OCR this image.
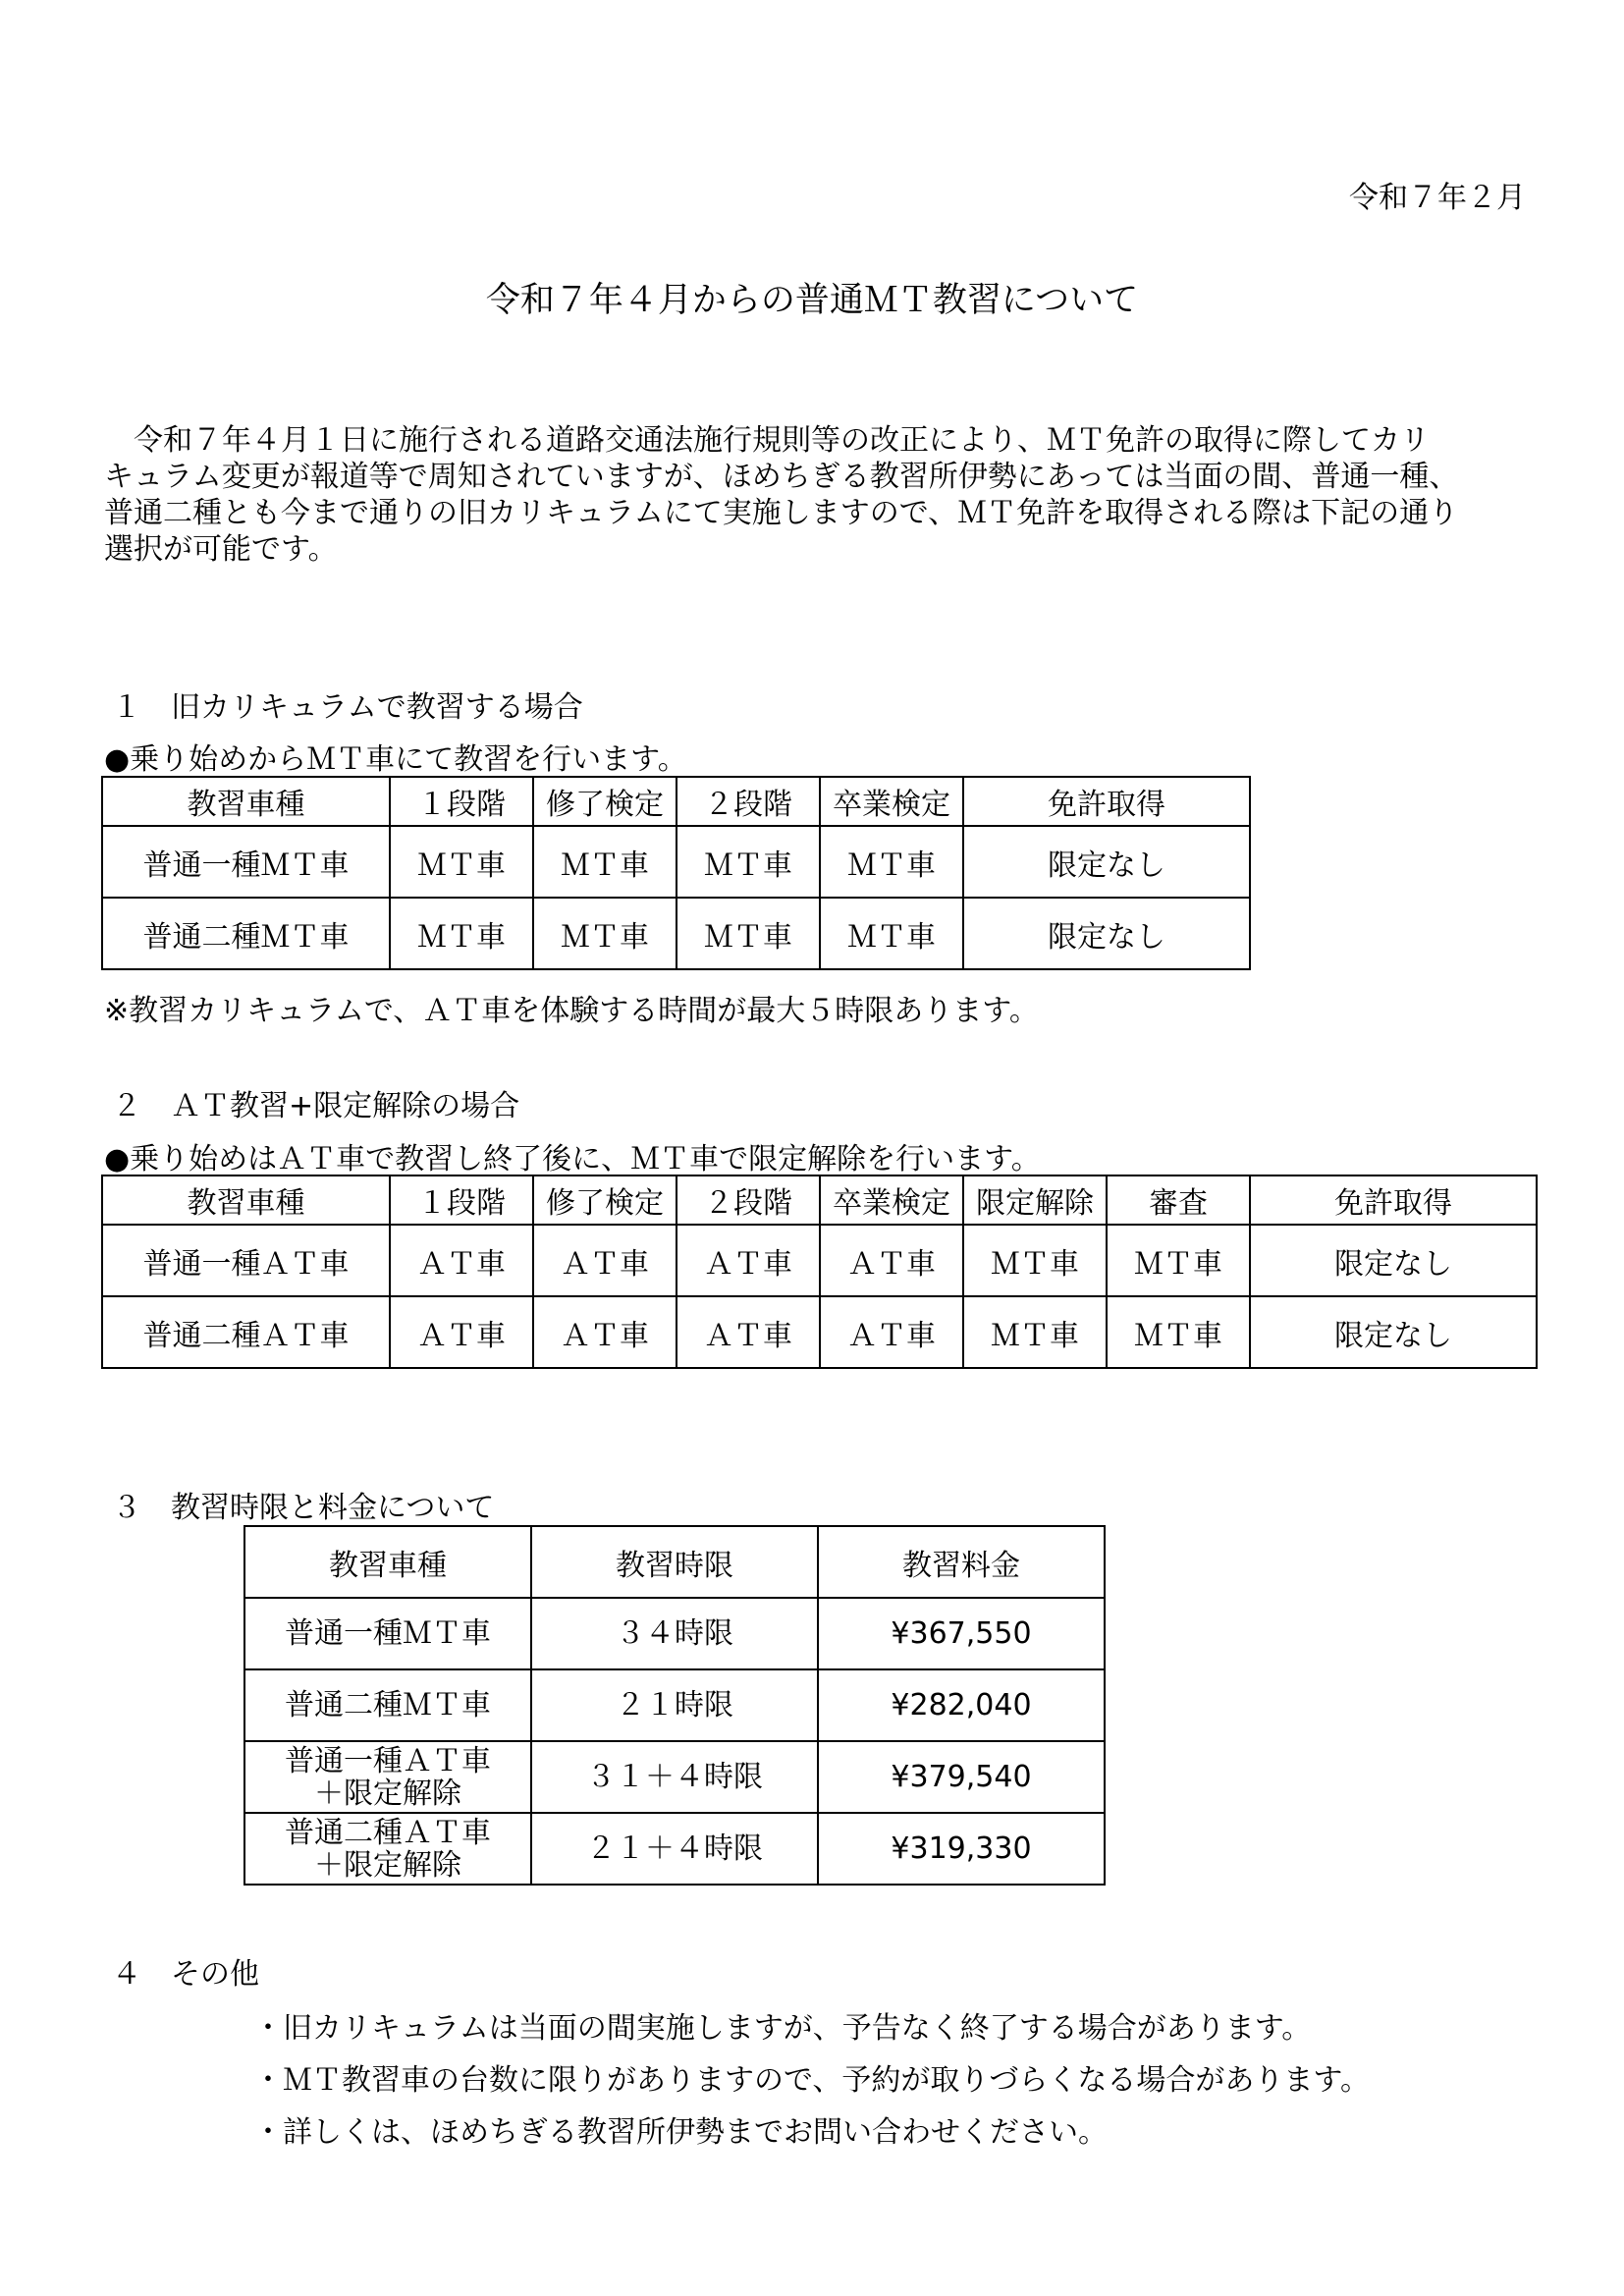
令和７年２月
令和７年４月からの普通ＭＴ教習について
　令和７年４月１日に施行される道路交通法施行規則等の改正により、ＭＴ免許の取得に際してカリ
キュラム変更が報道等で周知されていますが、ほめちぎる教習所伊勢にあっては当面の間、普通一種、
普通二種とも今まで通りの旧カリキュラムにて実施しますので、ＭＴ免許を取得される際は下記の通り
選択が可能です。
１　旧カリキュラムで教習する場合
●乗り始めからＭＴ車にて教習を行います。
教習車種	１段階	修了検定	２段階	卒業検定	免許取得
普通一種ＭＴ車	ＭＴ車	ＭＴ車	ＭＴ車	ＭＴ車	限定なし
普通二種ＭＴ車	ＭＴ車	ＭＴ車	ＭＴ車	ＭＴ車	限定なし
※教習カリキュラムで、ＡＴ車を体験する時間が最大５時限あります。
２　ＡＴ教習+限定解除の場合
●乗り始めはＡＴ車で教習し終了後に、ＭＴ車で限定解除を行います。
教習車種	１段階	修了検定	２段階	卒業検定	限定解除	審査	免許取得
普通一種ＡＴ車	ＡＴ車	ＡＴ車	ＡＴ車	ＡＴ車	ＭＴ車	ＭＴ車	限定なし
普通二種ＡＴ車	ＡＴ車	ＡＴ車	ＡＴ車	ＡＴ車	ＭＴ車	ＭＴ車	限定なし
３　教習時限と料金について
教習車種	教習時限	教習料金

普通一種ＭＴ車	３４時限	¥367,550

普通二種ＭＴ車	２１時限	¥282,040

普通一種ＡＴ車
＋限定解除	３１＋４時限	¥379,540

普通二種ＡＴ車
＋限定解除	２１＋４時限	¥319,330
４　その他
・旧カリキュラムは当面の間実施しますが、予告なく終了する場合があります。
・ＭＴ教習車の台数に限りがありますので、予約が取りづらくなる場合があります。
・詳しくは、ほめちぎる教習所伊勢までお問い合わせください。
